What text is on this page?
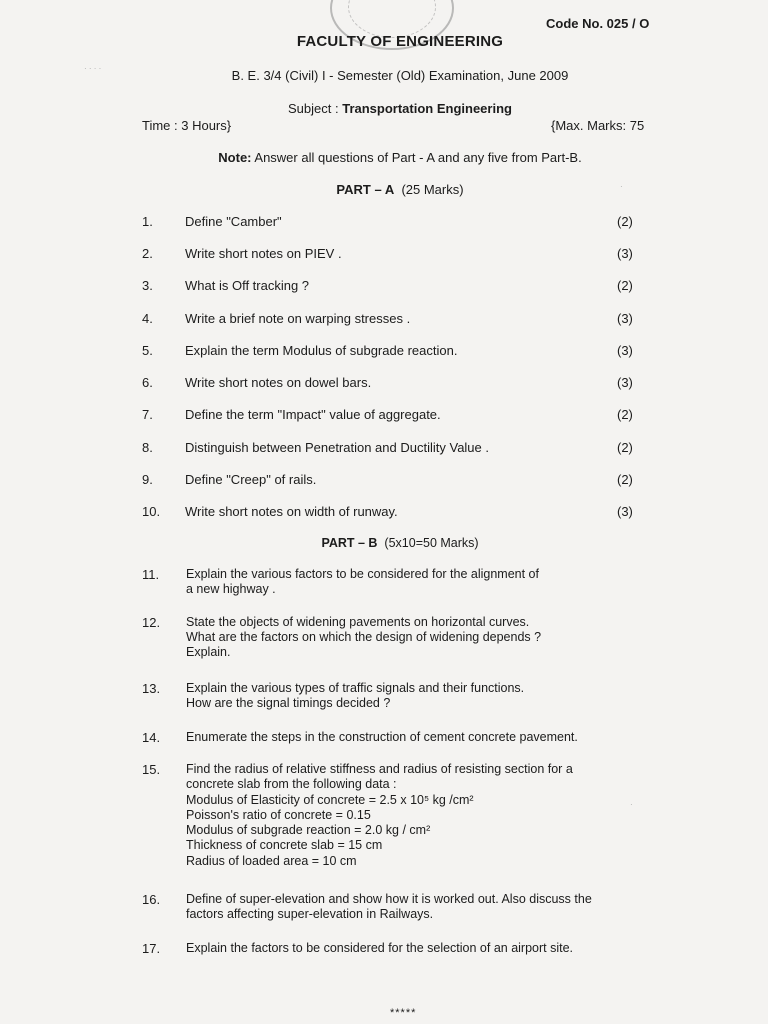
Code No. 025 / O
FACULTY OF ENGINEERING
B. E. 3/4 (Civil) I - Semester (Old) Examination, June 2009
Subject : Transportation Engineering
Time : 3 Hours}	{Max. Marks: 75
Note: Answer all questions of Part - A and any five from Part-B.
PART – A (25 Marks)
1. Define "Camber"	(2)
2. Write short notes on PIEV .	(3)
3. What is Off tracking ?	(2)
4. Write a brief note on warping stresses .	(3)
5. Explain the term Modulus of subgrade reaction.	(3)
6. Write short notes on dowel bars.	(3)
7. Define the term "Impact" value of aggregate.	(2)
8. Distinguish between Penetration and Ductility Value .	(2)
9. Define "Creep" of rails.	(2)
10. Write short notes on width of runway.	(3)
PART – B (5x10=50 Marks)
11. Explain the various factors to be considered for the alignment of
a new highway .
12. State the objects of widening pavements on horizontal curves.
What are the factors on which the design of widening depends ?
Explain.
13. Explain the various types of traffic signals and their functions.
How are the signal timings decided ?
14. Enumerate the steps in the construction of cement concrete pavement.
15. Find the radius of relative stiffness and radius of resisting section for a
concrete slab from the following data :
Modulus of Elasticity of concrete = 2.5 x 10⁵ kg /cm²
Poisson's ratio of concrete = 0.15
Modulus of subgrade reaction = 2.0 kg / cm²
Thickness of concrete slab = 15 cm
Radius of loaded area = 10 cm
16. Define of super-elevation and show how it is worked out. Also discuss the
factors affecting super-elevation in Railways.
17. Explain the factors to be considered for the selection of an airport site.
*****
· · · ·
·
·
